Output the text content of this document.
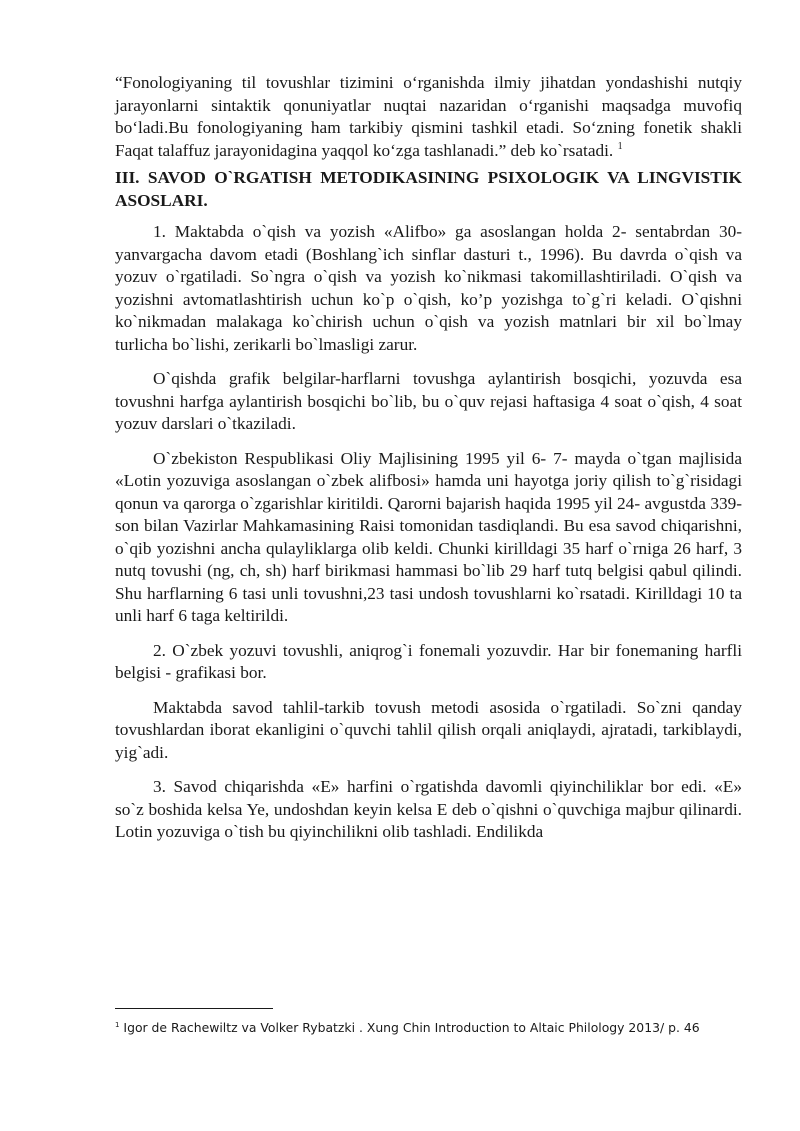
“Fonologiyaning til tovushlar tizimini o‘rganishda ilmiy jihatdan yondashishi nutqiy jarayonlarni sintaktik qonuniyatlar nuqtai nazaridan o‘rganishi maqsadga muvofiq bo‘ladi.Bu fonologiyaning ham tarkibiy qismini tashkil etadi. So‘zning fonetik shakli Faqat talaffuz jarayonidagina yaqqol ko‘zga tashlanadi.” deb ko`rsatadi. $^1$

III. SAVOD O`RGATISH METODIKASINING PSIXOLOGIK VA LINGVISTIK ASOSLARI.

1. Maktabda o`qish va yozish «Alifbo» ga asoslangan holda 2- sentabrdan 30- yanvargacha davom etadi (Boshlang`ich sinflar dasturi t., 1996). Bu davrda o`qish va yozuv o`rgatiladi. So`ngra o`qish va yozish ko`nikmasi takomillashtiriladi. O`qish va yozishni avtomatlashtirish uchun ko`p o`qish, ko’p yozishga to`g`ri keladi. O`qishni ko`nikmadan malakaga ko`chirish uchun o`qish va yozish matnlari bir xil bo`lmay turlicha bo`lishi, zerikarli bo`lmasligi zarur.

O`qishda grafik belgilar-harflarni tovushga aylantirish bosqichi, yozuvda esa tovushni harfga aylantirish bosqichi bo`lib, bu o`quv rejasi haftasiga 4 soat o`qish, 4 soat yozuv darslari o`tkaziladi.

O`zbekiston Respublikasi Oliy Majlisining 1995 yil 6- 7- mayda o`tgan majlisida «Lotin yozuviga asoslangan o`zbek alifbosi» hamda uni hayotga joriy qilish to`g`risidagi qonun va qarorga o`zgarishlar kiritildi. Qarorni bajarish haqida 1995 yil 24- avgustda 339-son bilan Vazirlar Mahkamasining Raisi tomonidan tasdiqlandi. Bu esa savod chiqarishni, o`qib yozishni ancha qulayliklarga olib keldi. Chunki kirilldagi 35 harf o`rniga 26 harf, 3 nutq tovushi (ng, ch, sh) harf birikmasi hammasi bo`lib 29 harf tutq belgisi qabul qilindi. Shu harflarning 6 tasi unli tovushni,23 tasi undosh tovushlarni ko`rsatadi. Kirilldagi 10 ta unli harf 6 taga keltirildi.

2. O`zbek yozuvi tovushli, aniqrog`i fonemali yozuvdir. Har bir fonemaning harfli belgisi - grafikasi bor.

Maktabda savod tahlil-tarkib tovush metodi asosida o`rgatiladi. So`zni qanday tovushlardan iborat ekanligini o`quvchi tahlil qilish orqali aniqlaydi, ajratadi, tarkiblaydi, yig`adi.

3. Savod chiqarishda «E» harfini o`rgatishda davomli qiyinchiliklar bor edi. «E» so`z boshida kelsa Ye, undoshdan keyin kelsa E deb o`qishni o`quvchiga majbur qilinardi. Lotin yozuviga o`tish bu qiyinchilikni olib tashladi. Endilikda

$^1$ Igor de Rachewiltz va Volker Rybatzki . Xung Chin Introduction to Altaic Philology 2013/ p. 46
